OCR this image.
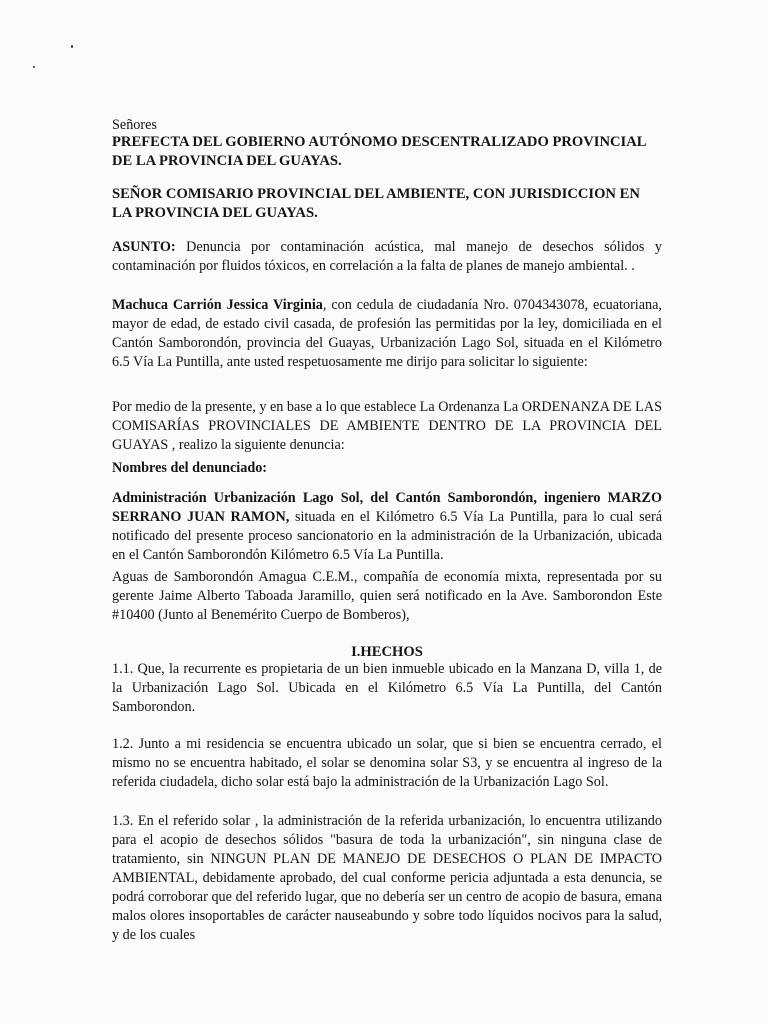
Señores

PREFECTA DEL GOBIERNO AUTÓNOMO DESCENTRALIZADO PROVINCIAL DE LA PROVINCIA DEL GUAYAS.

SEÑOR COMISARIO PROVINCIAL DEL AMBIENTE, CON JURISDICCION EN LA PROVINCIA DEL GUAYAS.

ASUNTO: Denuncia por contaminación acústica, mal manejo de desechos sólidos y contaminación por fluidos tóxicos, en correlación a la falta de planes de manejo ambiental. .

Machuca Carrión Jessica Virginia, con cedula de ciudadanía Nro. 0704343078, ecuatoriana, mayor de edad, de estado civil casada, de profesión las permitidas por la ley, domiciliada en el Cantón Samborondón, provincia del Guayas, Urbanización Lago Sol, situada en el Kilómetro 6.5 Vía La Puntilla, ante usted respetuosamente me dirijo para solicitar lo siguiente:

Por medio de la presente, y en base a lo que establece La Ordenanza La ORDENANZA DE LAS COMISARÍAS PROVINCIALES DE AMBIENTE DENTRO DE LA PROVINCIA DEL GUAYAS , realizo la siguiente denuncia:

Nombres del denunciado:

Administración Urbanización Lago Sol, del Cantón Samborondón, ingeniero MARZO SERRANO JUAN RAMON, situada en el Kilómetro 6.5 Vía La Puntilla, para lo cual será notificado del presente proceso sancionatorio en la administración de la Urbanización, ubicada en el Cantón Samborondón Kilómetro 6.5 Vía La Puntilla.

Aguas de Samborondón Amagua C.E.M., compañía de economía mixta, representada por su gerente Jaime Alberto Taboada Jaramillo, quien será notificado en la Ave. Samborondon Este #10400 (Junto al Benemérito Cuerpo de Bomberos),

I.HECHOS

1.1. Que, la recurrente es propietaria de un bien inmueble ubicado en la Manzana D, villa 1, de la Urbanización Lago Sol. Ubicada en el Kilómetro 6.5 Vía La Puntilla, del Cantón Samborondon.

1.2. Junto a mi residencia se encuentra ubicado un solar, que si bien se encuentra cerrado, el mismo no se encuentra habitado, el solar se denomina solar S3, y se encuentra al ingreso de la referida ciudadela, dicho solar está bajo la administración de la Urbanización Lago Sol.

1.3. En el referido solar , la administración de la referida urbanización, lo encuentra utilizando para el acopio de desechos sólidos "basura de toda la urbanización", sin ninguna clase de tratamiento, sin NINGUN PLAN DE MANEJO DE DESECHOS O PLAN DE IMPACTO AMBIENTAL, debidamente aprobado, del cual conforme pericia adjuntada a esta denuncia, se podrá corroborar que del referido lugar, que no debería ser un centro de acopio de basura, emana malos olores insoportables de carácter nauseabundo y sobre todo líquidos nocivos para la salud, y de los cuales
